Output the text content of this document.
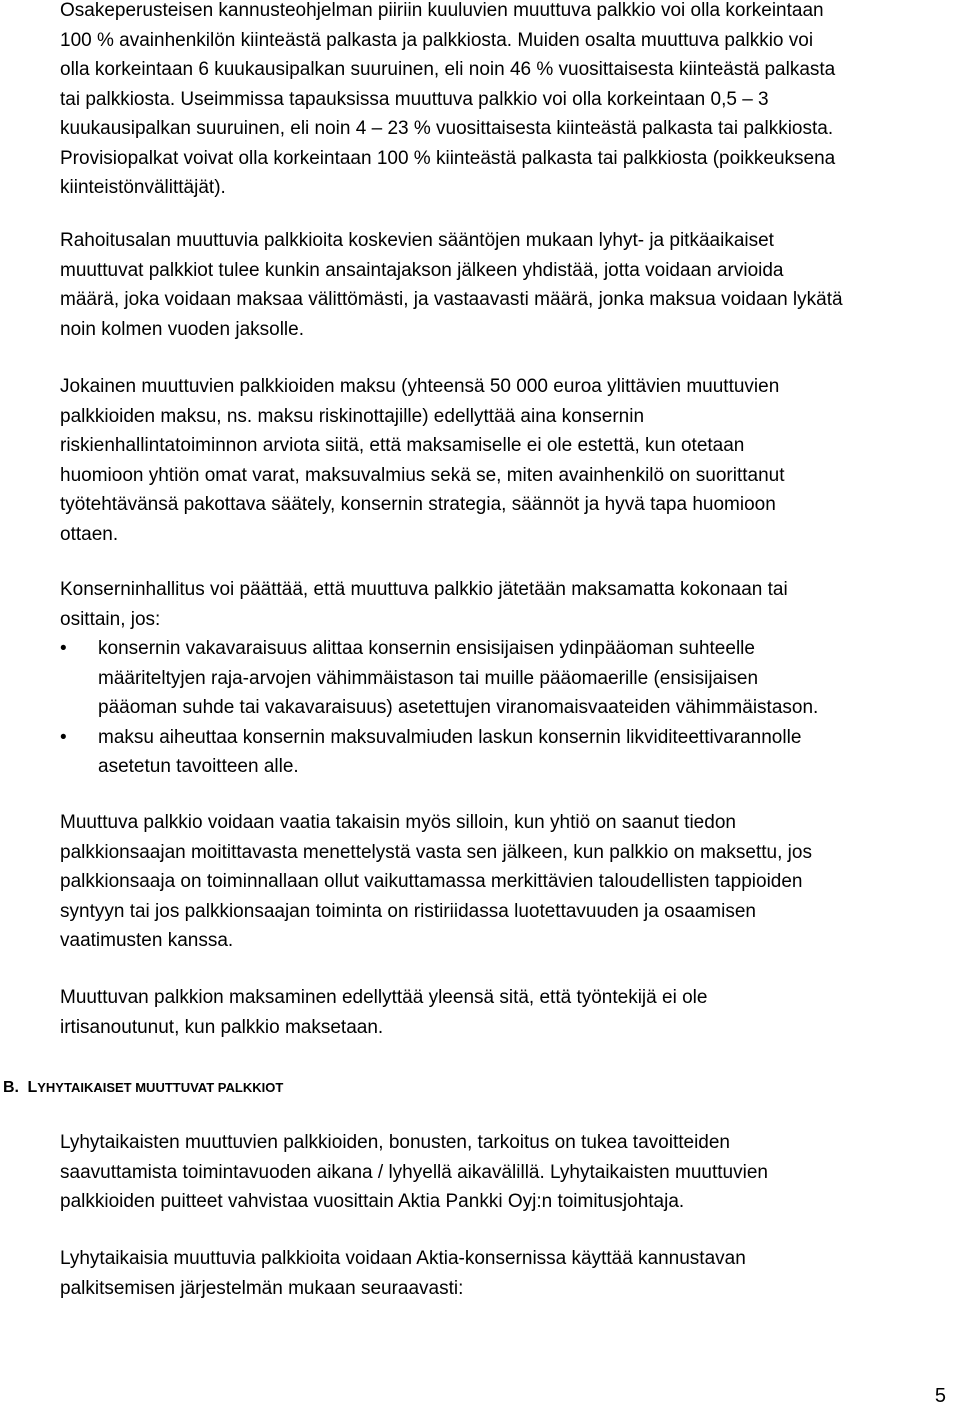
Osakeperusteisen kannusteohjelman piiriin kuuluvien muuttuva palkkio voi olla korkeintaan
100 % avainhenkilön kiinteästä palkasta ja palkkiosta. Muiden osalta muuttuva palkkio voi
olla korkeintaan 6 kuukausipalkan suuruinen, eli noin 46 % vuosittaisesta kiinteästä palkasta
tai palkkiosta. Useimmissa tapauksissa muuttuva palkkio voi olla korkeintaan 0,5 – 3
kuukausipalkan suuruinen, eli noin 4 – 23 % vuosittaisesta kiinteästä palkasta tai palkkiosta.
Provisiopalkat voivat olla korkeintaan 100 % kiinteästä palkasta tai palkkiosta (poikkeuksena
kiinteistönvälittäjät).

Rahoitusalan muuttuvia palkkioita koskevien sääntöjen mukaan lyhyt- ja pitkäaikaiset
muuttuvat palkkiot tulee kunkin ansaintajakson jälkeen yhdistää, jotta voidaan arvioida
määrä, joka voidaan maksaa välittömästi, ja vastaavasti määrä, jonka maksua voidaan lykätä
noin kolmen vuoden jaksolle.

Jokainen muuttuvien palkkioiden maksu (yhteensä 50 000 euroa ylittävien muuttuvien
palkkioiden maksu, ns. maksu riskinottajille) edellyttää aina konsernin
riskienhallintatoiminnon arviota siitä, että maksamiselle ei ole estettä, kun otetaan
huomioon yhtiön omat varat, maksuvalmius sekä se, miten avainhenkilö on suorittanut
työtehtävänsä pakottava säätely, konsernin strategia, säännöt ja hyvä tapa huomioon
ottaen.

Konserninhallitus voi päättää, että muuttuva palkkio jätetään maksamatta kokonaan tai
osittain, jos:

•	konsernin vakavaraisuus alittaa konsernin ensisijaisen ydinpääoman suhteelle
määriteltyjen raja-arvojen vähimmäistason tai muille pääomaerille (ensisijaisen
pääoman suhde tai vakavaraisuus) asetettujen viranomaisvaateiden vähimmäistason.
•	maksu aiheuttaa konsernin maksuvalmiuden laskun konsernin likviditeettivarannolle
asetetun tavoitteen alle.

Muuttuva palkkio voidaan vaatia takaisin myös silloin, kun yhtiö on saanut tiedon
palkkionsaajan moitittavasta menettelystä vasta sen jälkeen, kun palkkio on maksettu, jos
palkkionsaaja on toiminnallaan ollut vaikuttamassa merkittävien taloudellisten tappioiden
syntyyn tai jos palkkionsaajan toiminta on ristiriidassa luotettavuuden ja osaamisen
vaatimusten kanssa.

Muuttuvan palkkion maksaminen edellyttää yleensä sitä, että työntekijä ei ole
irtisanoutunut, kun palkkio maksetaan.

B. LYHYTAIKAISET MUUTTUVAT PALKKIOT

Lyhytaikaisten muuttuvien palkkioiden, bonusten, tarkoitus on tukea tavoitteiden
saavuttamista toimintavuoden aikana / lyhyellä aikavälillä. Lyhytaikaisten muuttuvien
palkkioiden puitteet vahvistaa vuosittain Aktia Pankki Oyj:n toimitusjohtaja.

Lyhytaikaisia muuttuvia palkkioita voidaan Aktia-konsernissa käyttää kannustavan
palkitsemisen järjestelmän mukaan seuraavasti:

5
